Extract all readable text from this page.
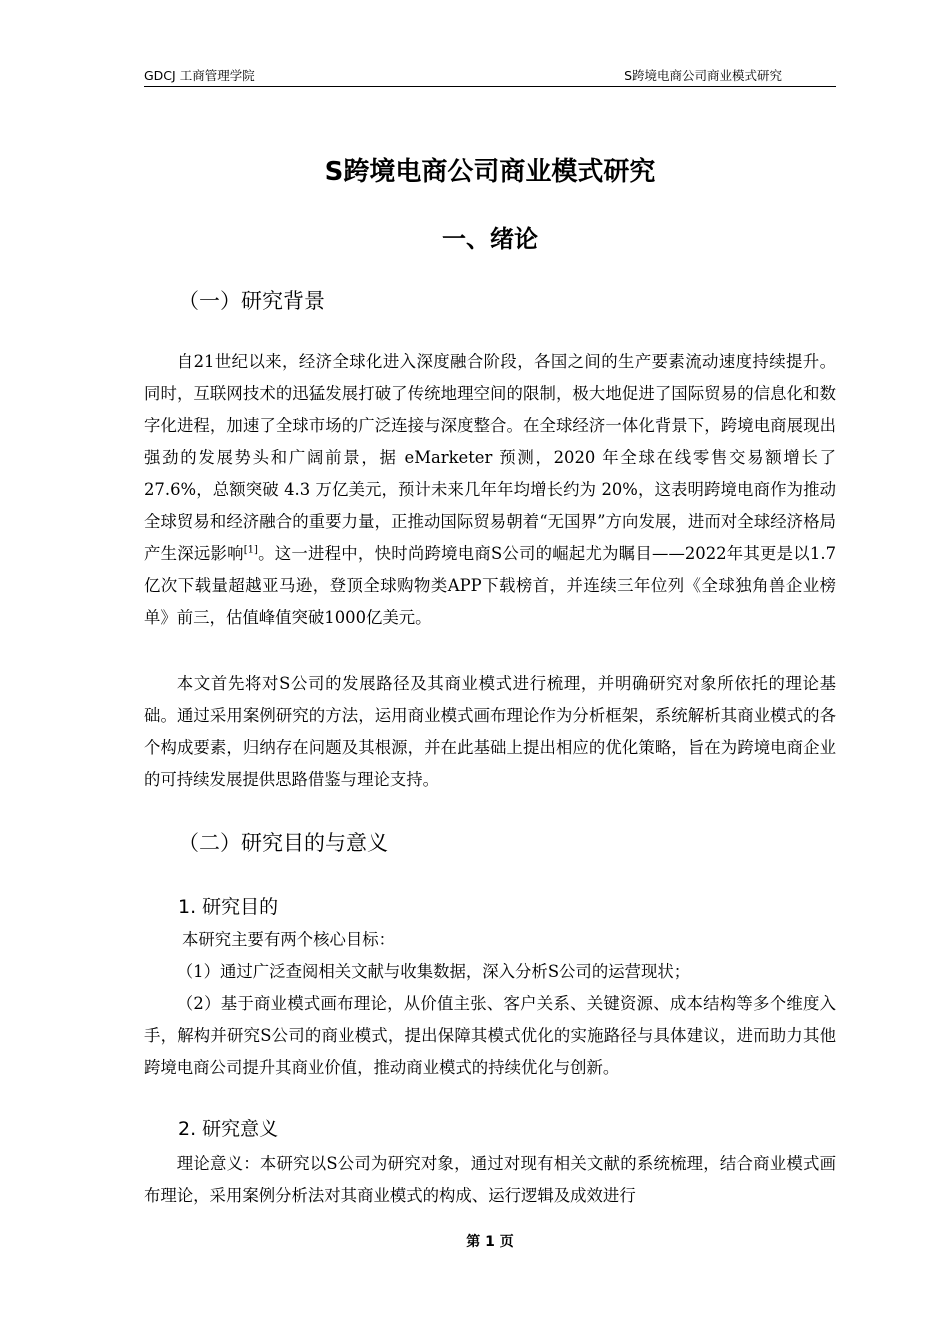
GDCJ 工商管理学院	S跨境电商公司商业模式研究
S跨境电商公司商业模式研究
一、绪论
（一）研究背景

自21世纪以来，经济全球化进入深度融合阶段，各国之间的生产要素流动速度持续提升。同时，互联网技术的迅猛发展打破了传统地理空间的限制，极大地促进了国际贸易的信息化和数字化进程，加速了全球市场的广泛连接与深度整合。在全球经济一体化背景下，跨境电商展现出强劲的发展势头和广阔前景，据 eMarketer 预测，2020 年全球在线零售交易额增长了 27.6%，总额突破 4.3 万亿美元，预计未来几年年均增长约为 20%，这表明跨境电商作为推动全球贸易和经济融合的重要力量，正推动国际贸易朝着“无国界”方向发展，进而对全球经济格局产生深远影响[1]。这一进程中，快时尚跨境电商S公司的崛起尤为瞩目——2022年其更是以1.7亿次下载量超越亚马逊，登顶全球购物类APP下载榜首，并连续三年位列《全球独角兽企业榜单》前三，估值峰值突破1000亿美元。

本文首先将对S公司的发展路径及其商业模式进行梳理，并明确研究对象所依托的理论基础。通过采用案例研究的方法，运用商业模式画布理论作为分析框架，系统解析其商业模式的各个构成要素，归纳存在问题及其根源，并在此基础上提出相应的优化策略，旨在为跨境电商企业的可持续发展提供思路借鉴与理论支持。

（二）研究目的与意义
1. 研究目的

本研究主要有两个核心目标：

（1）通过广泛查阅相关文献与收集数据，深入分析S公司的运营现状；

（2）基于商业模式画布理论，从价值主张、客户关系、关键资源、成本结构等多个维度入手，解构并研究S公司的商业模式，提出保障其模式优化的实施路径与具体建议，进而助力其他跨境电商公司提升其商业价值，推动商业模式的持续优化与创新。

2. 研究意义

理论意义：本研究以S公司为研究对象，通过对现有相关文献的系统梳理，结合商业模式画布理论，采用案例分析法对其商业模式的构成、运行逻辑及成效进行

第 1 页
